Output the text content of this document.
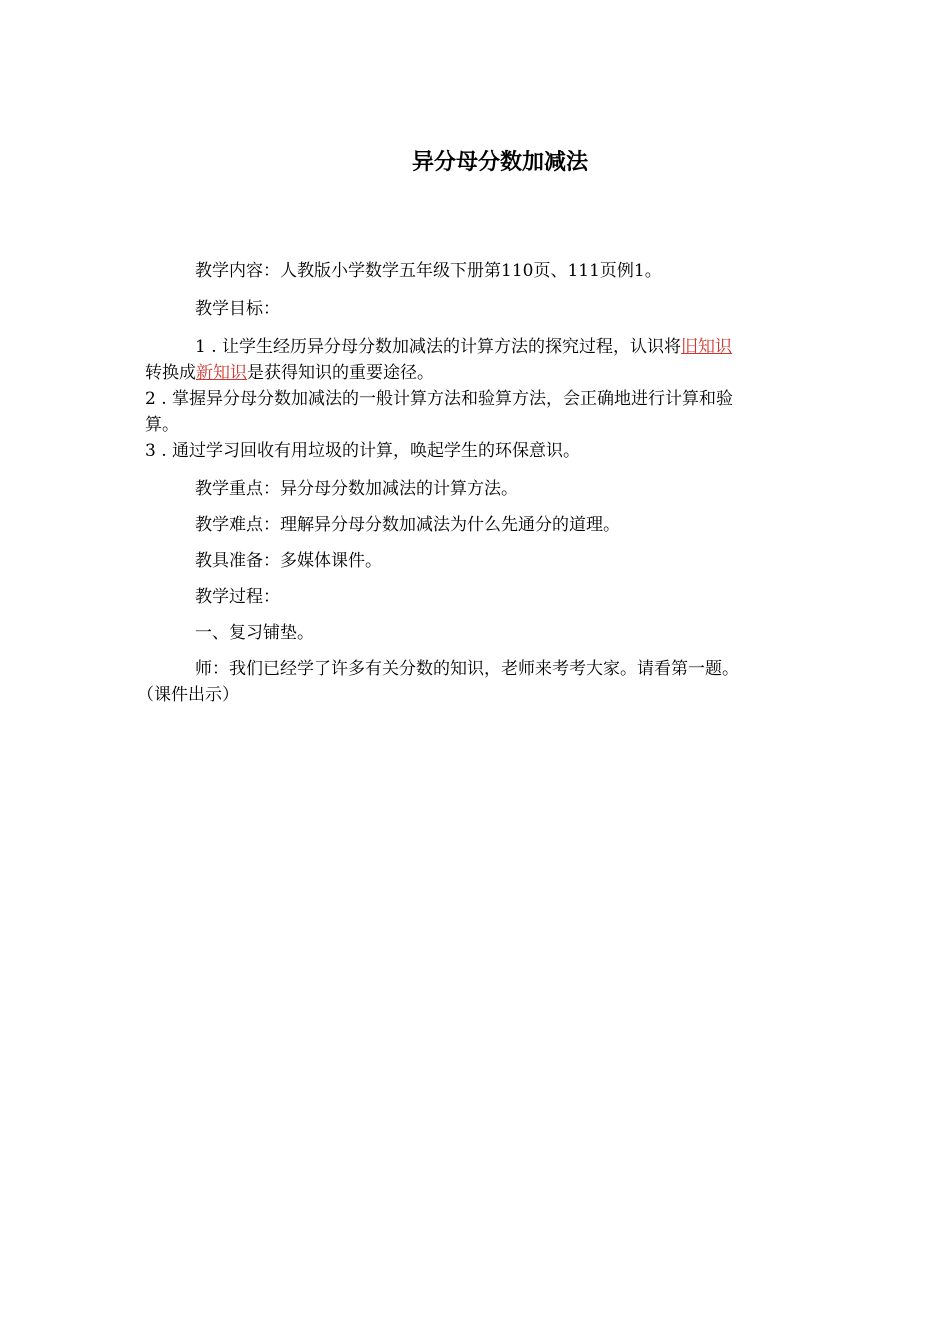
异分母分数加减法

教学内容：人教版小学数学五年级下册第110页、111页例1。

教学目标：

1 . 让学生经历异分母分数加减法的计算方法的探究过程，认识将旧知识

转换成新知识是获得知识的重要途径。

2 . 掌握异分母分数加减法的一般计算方法和验算方法，会正确地进行计算和验

算。

3 . 通过学习回收有用垃圾的计算，唤起学生的环保意识。

教学重点：异分母分数加减法的计算方法。

教学难点：理解异分母分数加减法为什么先通分的道理。

教具准备：多媒体课件。

教学过程：

一、复习铺垫。

师：我们已经学了许多有关分数的知识，老师来考考大家。请看第一题。

（课件出示）
